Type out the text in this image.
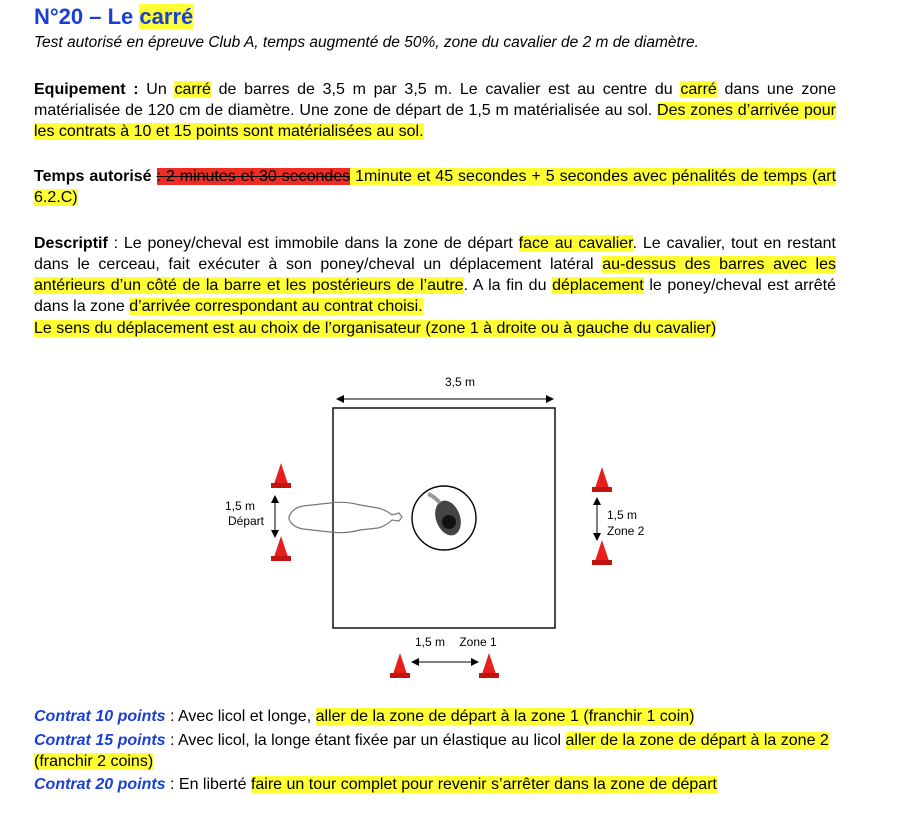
N°20 – Le carré
Test autorisé en épreuve Club A, temps augmenté de 50%, zone du cavalier de 2 m de diamètre.
Equipement : Un carré de barres de 3,5 m par 3,5 m. Le cavalier est au centre du carré dans une zone matérialisée de 120 cm de diamètre. Une zone de départ de 1,5 m matérialisée au sol. Des zones d’arrivée pour les contrats à 10 et 15 points sont matérialisées au sol.
Temps autorisé : 2 minutes et 30 secondes 1minute et 45 secondes + 5 secondes avec pénalités de temps (art 6.2.C)
Descriptif : Le poney/cheval est immobile dans la zone de départ face au cavalier. Le cavalier, tout en restant dans le cerceau, fait exécuter à son poney/cheval un déplacement latéral au-dessus des barres avec les antérieurs d’un côté de la barre et les postérieurs de l’autre. A la fin du déplacement le poney/cheval est arrêté dans la zone d’arrivée correspondant au contrat choisi.
Le sens du déplacement est au choix de l’organisateur (zone 1 à droite ou à gauche du cavalier)
3,5 m
1,5 m
Départ	1,5 m
Zone 2
1,5 m Zone 1
Contrat 10 points : Avec licol et longe, aller de la zone de départ à la zone 1 (franchir 1 coin)
Contrat 15 points : Avec licol, la longe étant fixée par un élastique au licol aller de la zone de départ à la zone 2 (franchir 2 coins)
Contrat 20 points : En liberté faire un tour complet pour revenir s’arrêter dans la zone de départ
